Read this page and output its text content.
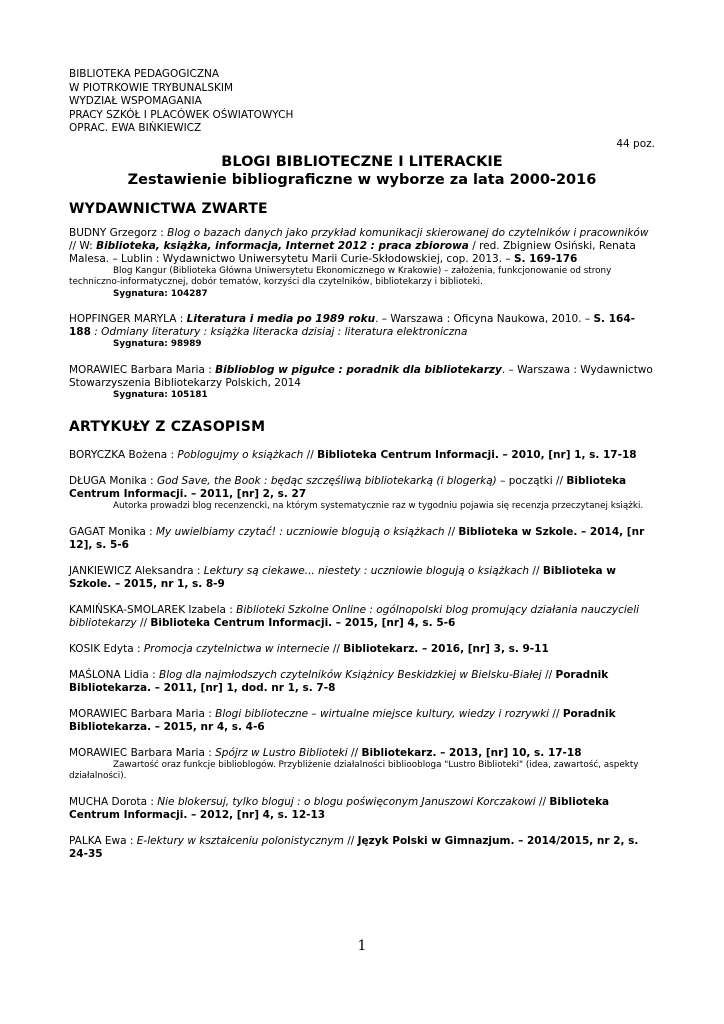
BIBLIOTEKA PEDAGOGICZNA
W PIOTRKOWIE TRYBUNALSKIM
WYDZIAŁ WSPOMAGANIA
PRACY SZKÓŁ I PLACÓWEK OŚWIATOWYCH
OPRAC. EWA BIŃKIEWICZ
44 poz.
BLOGI BIBLIOTECZNE I LITERACKIE
Zestawienie bibliograficzne w wyborze za lata 2000-2016
WYDAWNICTWA ZWARTE
BUDNY Grzegorz : Blog o bazach danych jako przykład komunikacji skierowanej do czytelników i pracowników // W: Biblioteka, książka, informacja, Internet 2012 : praca zbiorowa / red. Zbigniew Osiński, Renata Malesa. – Lublin : Wydawnictwo Uniwersytetu Marii Curie-Skłodowskiej, cop. 2013. – S. 169-176
Blog Kangur (Biblioteka Główna Uniwersytetu Ekonomicznego w Krakowie) – założenia, funkcjonowanie od strony techniczno-informatycznej, dobór tematów, korzyści dla czytelników, bibliotekarzy i biblioteki.
Sygnatura: 104287
HOPFINGER MARYLA : Literatura i media po 1989 roku. – Warszawa : Oficyna Naukowa, 2010. – S. 164-188 : Odmiany literatury : książka literacka dzisiaj : literatura elektroniczna
Sygnatura: 98989
MORAWIEC Barbara Maria : Biblioblog w pigułce : poradnik dla bibliotekarzy. – Warszawa : Wydawnictwo Stowarzyszenia Bibliotekarzy Polskich, 2014
Sygnatura: 105181
ARTYKUŁY Z CZASOPISM
BORYCZKA Bożena : Poblogujmy o książkach // Biblioteka Centrum Informacji. – 2010, [nr] 1, s. 17-18
DŁUGA Monika : God Save, the Book : będąc szczęśliwą bibliotekarką (i blogerką) – początki // Biblioteka Centrum Informacji. – 2011, [nr] 2, s. 27
Autorka prowadzi blog recenzencki, na którym systematycznie raz w tygodniu pojawia się recenzja przeczytanej książki.
GAGAT Monika : My uwielbiamy czytać! : uczniowie blogują o książkach // Biblioteka w Szkole. – 2014, [nr 12], s. 5-6
JANKIEWICZ Aleksandra : Lektury są ciekawe... niestety : uczniowie blogują o książkach // Biblioteka w Szkole. – 2015, nr 1, s. 8-9
KAMIŃSKA-SMOLAREK Izabela : Biblioteki Szkolne Online : ogólnopolski blog promujący działania nauczycieli bibliotekarzy // Biblioteka Centrum Informacji. – 2015, [nr] 4, s. 5-6
KOSIK Edyta : Promocja czytelnictwa w internecie // Bibliotekarz. – 2016, [nr] 3, s. 9-11
MAŚLONA Lidia : Blog dla najmłodszych czytelników Książnicy Beskidzkiej w Bielsku-Białej // Poradnik Bibliotekarza. – 2011, [nr] 1, dod. nr 1, s. 7-8
MORAWIEC Barbara Maria : Blogi biblioteczne – wirtualne miejsce kultury, wiedzy i rozrywki // Poradnik Bibliotekarza. – 2015, nr 4, s. 4-6
MORAWIEC Barbara Maria : Spójrz w Lustro Biblioteki // Bibliotekarz. – 2013, [nr] 10, s. 17-18
Zawartość oraz funkcje biblioblogów. Przybliżenie działalności biblioobloga "Lustro Biblioteki" (idea, zawartość, aspekty działalności).
MUCHA Dorota : Nie blokersuj, tylko bloguj : o blogu poświęconym Januszowi Korczakowi // Biblioteka Centrum Informacji. – 2012, [nr] 4, s. 12-13
PALKA Ewa : E-lektury w kształceniu polonistycznym // Język Polski w Gimnazjum. – 2014/2015, nr 2, s. 24-35
1
